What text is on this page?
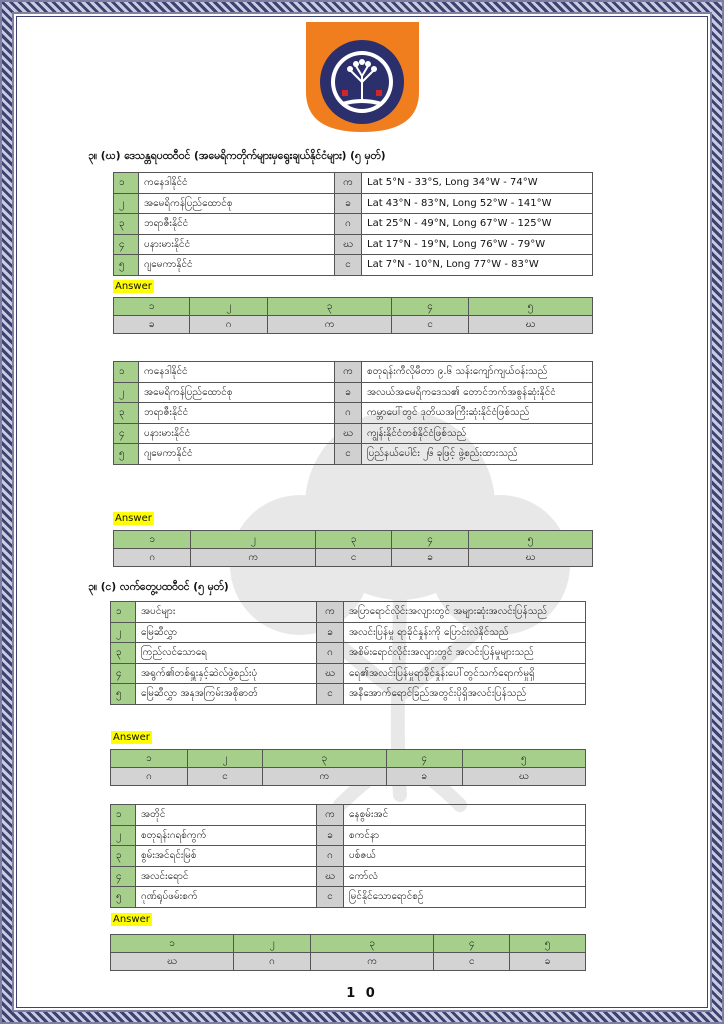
၃။ (ဃ) ဒေသန္တရပထဝီဝင် (အမေရိကတိုက်များမှရွေးချယ်နိုင်ငံများ) (၅ မှတ်)
၁	ကနေဒါနိုင်ငံ	က	Lat 5°N - 33°S, Long 34°W - 74°W
၂	အမေရိကန်ပြည်ထောင်စု	ခ	Lat 43°N - 83°N, Long 52°W - 141°W
၃	ဘရာဇီးနိုင်ငံ	ဂ	Lat 25°N - 49°N, Long 67°W - 125°W
၄	ပနားမားနိုင်ငံ	ဃ	Lat 17°N - 19°N, Long 76°W - 79°W
၅	ဂျမေကာနိုင်ငံ	င	Lat 7°N - 10°N, Long 77°W - 83°W
Answer
၁	၂	၃	၄	၅
ခ	ဂ	က	င	ဃ
၁	ကနေဒါနိုင်ငံ	က	စတုရန်းကီလိုမီတာ ၉.၆ သန်းကျော်ကျယ်ဝန်းသည်
၂	အမေရိကန်ပြည်ထောင်စု	ခ	အလယ်အမေရိကဒေသ၏ တောင်ဘက်အစွန်ဆုံးနိုင်ငံ
၃	ဘရာဇီးနိုင်ငံ	ဂ	ကမ္ဘာပေါ်တွင် ဒုတိယအကြီးဆုံးနိုင်ငံဖြစ်သည်
၄	ပနားမားနိုင်ငံ	ဃ	ကျွန်းနိုင်ငံတစ်နိုင်ငံဖြစ်သည်
၅	ဂျမေကာနိုင်ငံ	င	ပြည်နယ်ပေါင်း ၂၆ ခုဖြင့် ဖွဲ့စည်းထားသည်
Answer
၁	၂	၃	၄	၅
ဂ	က	င	ခ	ဃ
၃။ (င) လက်တွေ့ပထဝီဝင် (၅ မှတ်)
၁	အပင်များ	က	အပြာရောင်လိုင်းအလျားတွင် အများဆုံးအလင်းပြန်သည်
၂	မြေဆီလွှာ	ခ	အလင်းပြန်မှု ရာခိုင်နှုန်းကို ပြောင်းလဲနိုင်သည်
၃	ကြည်လင်သောရေ	ဂ	အစိမ်းရောင်လိုင်းအလျားတွင် အလင်းပြန်မှုများသည်
၄	အရွက်၏တစ်ရှူးနှင့်ဆဲလ်ဖွဲ့စည်းပုံ	ဃ	ရေ၏အလင်းပြန်မှုရာခိုင်နှုန်းပေါ်တွင်သက်ရောက်မှုရှိ
၅	မြေဆီလွှာ အနုအကြမ်းအစိုဓာတ်	င	အနီအောက်ရောင်ခြည်အတွင်းပိုရှိအလင်းပြန်သည်
Answer
၁	၂	၃	၄	၅
ဂ	င	က	ခ	ဃ
၁	အတိုင်	က	နေစွမ်းအင်
၂	စတုရန်းဂရစ်ကွက်	ခ	စကင်နာ
၃	စွမ်းအင်ရင်းမြစ်	ဂ	ပစ်ဇယ်
၄	အလင်းရောင်	ဃ	ကော်လံ
၅	ဂုဏ်ရုပ်ဖမ်းစက်	င	မြင်နိုင်သောရောင်စဉ်
Answer
၁	၂	၃	၄	၅
ဃ	ဂ	က	င	ခ
1 0
